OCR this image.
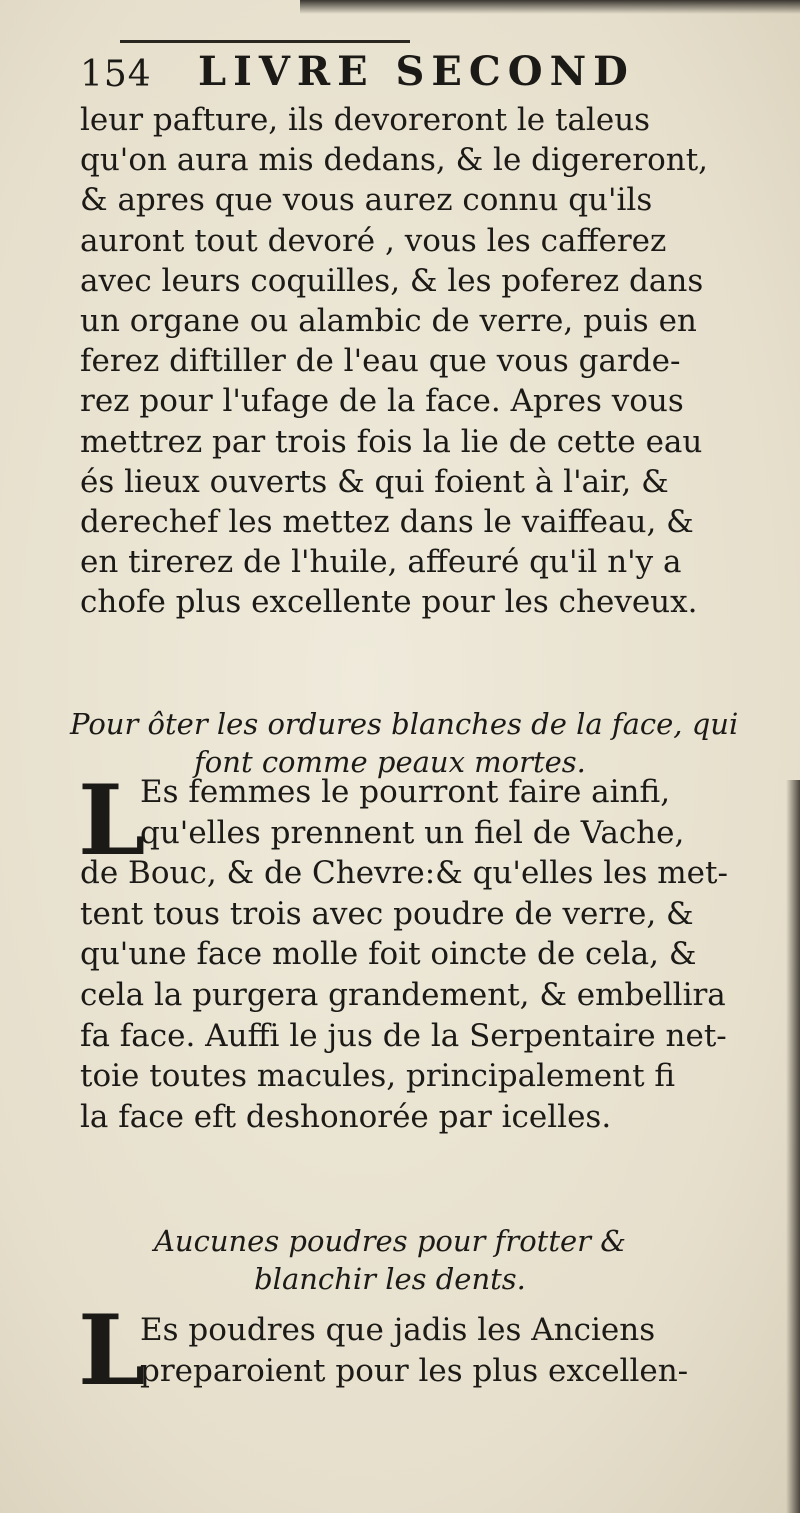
154 LIVRE SECOND
leur pafture, ils devoreront le taleus
qu'on aura mis dedans, & le digereront,
& apres que vous aurez connu qu'ils
auront tout devoré , vous les cafferez
avec leurs coquilles, & les poferez dans
un organe ou alambic de verre, puis en
ferez diftiller de l'eau que vous garde-
rez pour l'ufage de la face. Apres vous
mettrez par trois fois la lie de cette eau
és lieux ouverts & qui foient à l'air, &
derechef les mettez dans le vaiffeau, &
en tirerez de l'huile, affeuré qu'il n'y a
chofe plus excellente pour les cheveux.
Pour ôter les ordures blanches de la face, qui
font comme peaux mortes.
L
Es femmes le pourront faire ainfi,
qu'elles prennent un fiel de Vache,
de Bouc, & de Chevre:& qu'elles les met-
tent tous trois avec poudre de verre, &
qu'une face molle foit oincte de cela, &
cela la purgera grandement, & embellira
fa face. Auffi le jus de la Serpentaire net-
toie toutes macules, principalement fi
la face eft deshonorée par icelles.
Aucunes poudres pour frotter &
blanchir les dents.
L
Es poudres que jadis les Anciens
preparoient pour les plus excellen-
